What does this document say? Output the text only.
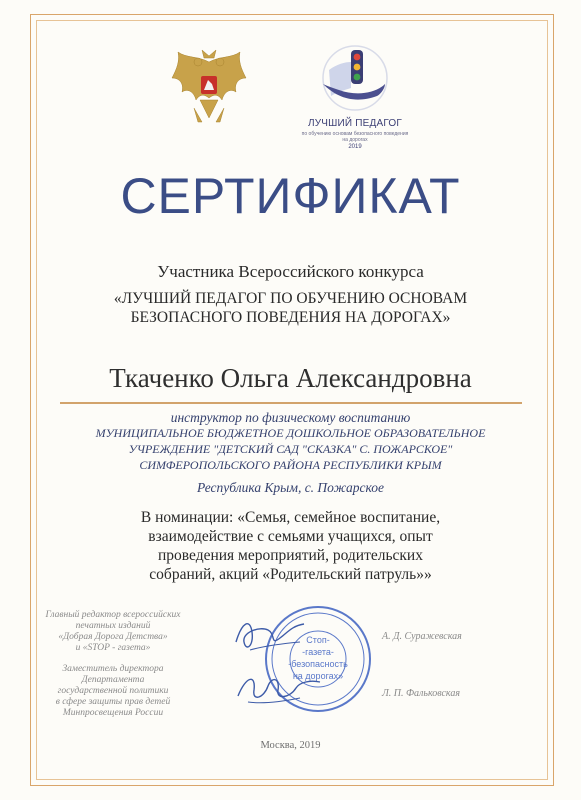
ЛУЧШИЙ ПЕДАГОГ
по обучению основам безопасного поведения на дорогах
2019
СЕРТИФИКАТ
Участника Всероссийского конкурса
«ЛУЧШИЙ ПЕДАГОГ ПО ОБУЧЕНИЮ ОСНОВАМ
БЕЗОПАСНОГО ПОВЕДЕНИЯ НА ДОРОГАХ»
Ткаченко Ольга Александровна
инструктор по физическому воспитанию
МУНИЦИПАЛЬНОЕ БЮДЖЕТНОЕ ДОШКОЛЬНОЕ ОБРАЗОВАТЕЛЬНОЕ
УЧРЕЖДЕНИЕ "ДЕТСКИЙ САД "СКАЗКА" С. ПОЖАРСКОЕ"
СИМФЕРОПОЛЬСКОГО РАЙОНА РЕСПУБЛИКИ КРЫМ
Республика Крым, с. Пожарское
В номинации: «Семья, семейное воспитание,
взаимодействие с семьями учащихся, опыт
проведения мероприятий, родительских
собраний, акций «Родительский патруль»»
Главный редактор всероссийских
печатных изданий
«Добрая Дорога Детства»
и «STOP - газета»
Заместитель директора
Департамента
государственной политики
в сфере защиты прав детей
Минпросвещения России
А. Д. Суражевская
Л. П. Фальковская
Стоп-
-газета-
-безопасность
на дорогах»
Москва, 2019
